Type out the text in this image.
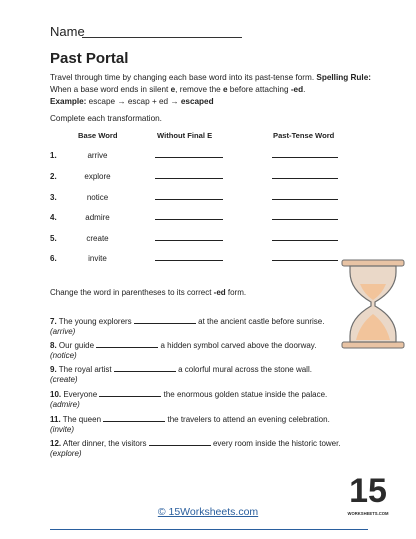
Name
Past Portal
Travel through time by changing each base word into its past-tense form. Spelling Rule: When a base word ends in silent e, remove the e before attaching -ed.
Example: escape → escap + ed → escaped
Complete each transformation.
Base Word	Without Final E	Past-Tense Word
1.	arrive
2.	explore
3.	notice
4.	admire
5.	create
6.	invite
Change the word in parentheses to its correct -ed form.
7. The young explorers	at the ancient castle before sunrise.
(arrive)
8. Our guide	a hidden symbol carved above the doorway.
(notice)
9. The royal artist	a colorful mural across the stone wall.
(create)
10. Everyone	the enormous golden statue inside the palace.
(admire)
11. The queen	the travelers to attend an evening celebration.
(invite)
12. After dinner, the visitors	every room inside the historic tower.
(explore)
© 15Worksheets.com
15
WORKSHEETS.COM
